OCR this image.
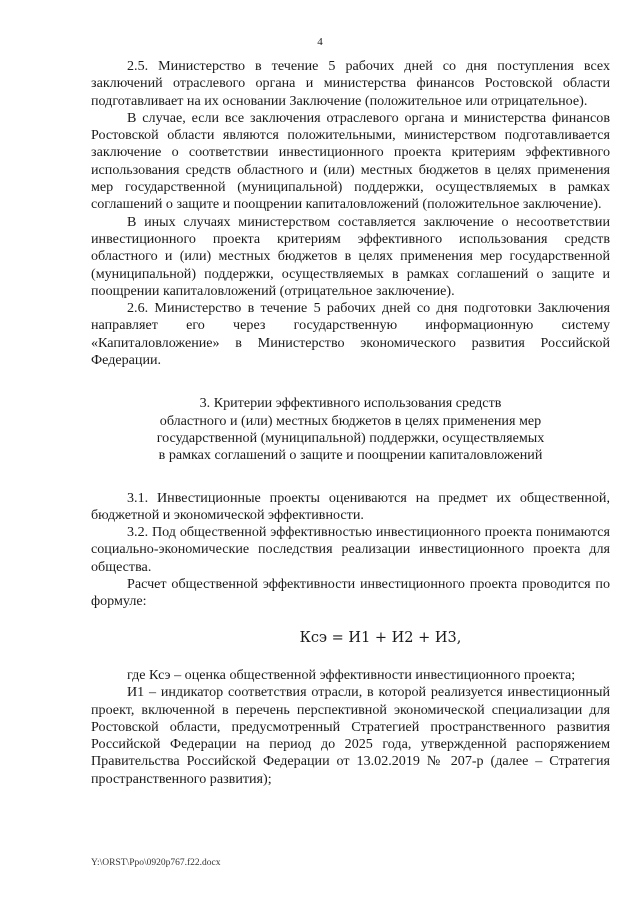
4

2.5. Министерство в течение 5 рабочих дней со дня поступления всех заключений отраслевого органа и министерства финансов Ростовской области подготавливает на их основании Заключение (положительное или отрицательное).

В случае, если все заключения отраслевого органа и министерства финансов Ростовской области являются положительными, министерством подготавливается заключение о соответствии инвестиционного проекта критериям эффективного использования средств областного и (или) местных бюджетов в целях применения мер государственной (муниципальной) поддержки, осуществляемых в рамках соглашений о защите и поощрении капиталовложений (положительное заключение).

В иных случаях министерством составляется заключение о несоответствии инвестиционного проекта критериям эффективного использования средств областного и (или) местных бюджетов в целях применения мер государственной (муниципальной) поддержки, осуществляемых в рамках соглашений о защите и поощрении капиталовложений (отрицательное заключение).

2.6. Министерство в течение 5 рабочих дней со дня подготовки Заключения направляет его через государственную информационную систему «Капиталовложение» в Министерство экономического развития Российской Федерации.

3. Критерии эффективного использования средств
областного и (или) местных бюджетов в целях применения мер
государственной (муниципальной) поддержки, осуществляемых
в рамках соглашений о защите и поощрении капиталовложений

3.1. Инвестиционные проекты оцениваются на предмет их общественной, бюджетной и экономической эффективности.

3.2. Под общественной эффективностью инвестиционного проекта понимаются социально-экономические последствия реализации инвестиционного проекта для общества.

Расчет общественной эффективности инвестиционного проекта проводится по формуле:

Ксэ = И1 + И2 + И3,

где Ксэ – оценка общественной эффективности инвестиционного проекта;

И1 – индикатор соответствия отрасли, в которой реализуется инвестиционный проект, включенной в перечень перспективной экономической специализации для Ростовской области, предусмотренный Стратегией пространственного развития Российской Федерации на период до 2025 года, утвержденной распоряжением Правительства Российской Федерации от 13.02.2019 № 207-р (далее – Стратегия пространственного развития);

Y:\ORST\Ppo\0920p767.f22.docx
